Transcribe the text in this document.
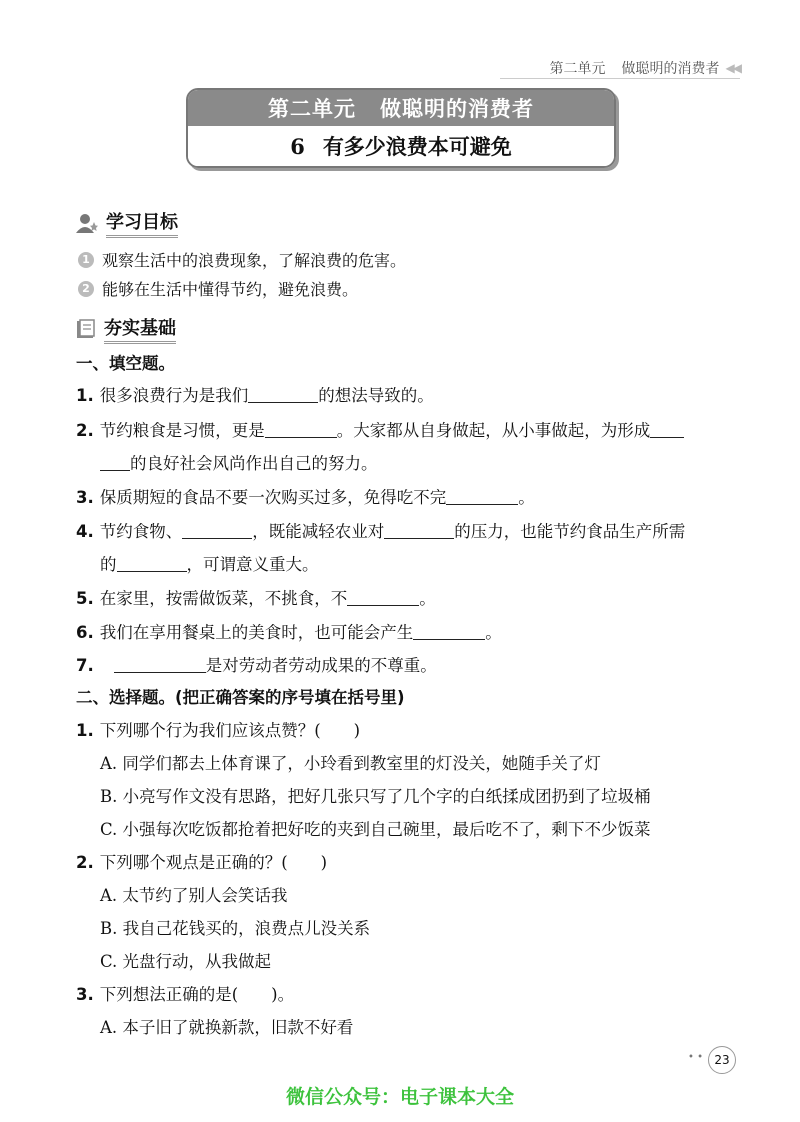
第二单元 做聪明的消费者 ◀◀
第二单元 做聪明的消费者
6 有多少浪费本可避免
学习目标
1 观察生活中的浪费现象，了解浪费的危害。
2 能够在生活中懂得节约，避免浪费。
夯实基础
一、填空题。
1. 很多浪费行为是我们	的想法导致的。
2. 节约粮食是习惯，更是	。大家都从自身做起，从小事做起，为形成
的良好社会风尚作出自己的努力。
3. 保质期短的食品不要一次购买过多，免得吃不完	。
4. 节约食物、	，既能减轻农业对	的压力，也能节约食品生产所需
的	，可谓意义重大。
5. 在家里，按需做饭菜，不挑食，不	。
6. 我们在享用餐桌上的美食时，也可能会产生	。
7.	是对劳动者劳动成果的不尊重。
二、选择题。(把正确答案的序号填在括号里)
1. 下列哪个行为我们应该点赞？(　　)
A. 同学们都去上体育课了，小玲看到教室里的灯没关，她随手关了灯
B. 小亮写作文没有思路，把好几张只写了几个字的白纸揉成团扔到了垃圾桶
C. 小强每次吃饭都抢着把好吃的夹到自己碗里，最后吃不了，剩下不少饭菜
2. 下列哪个观点是正确的？(　　)
A. 太节约了别人会笑话我
B. 我自己花钱买的，浪费点儿没关系
C. 光盘行动，从我做起
3. 下列想法正确的是(　　)。
A. 本子旧了就换新款，旧款不好看
• • 23
微信公众号：电子课本大全
